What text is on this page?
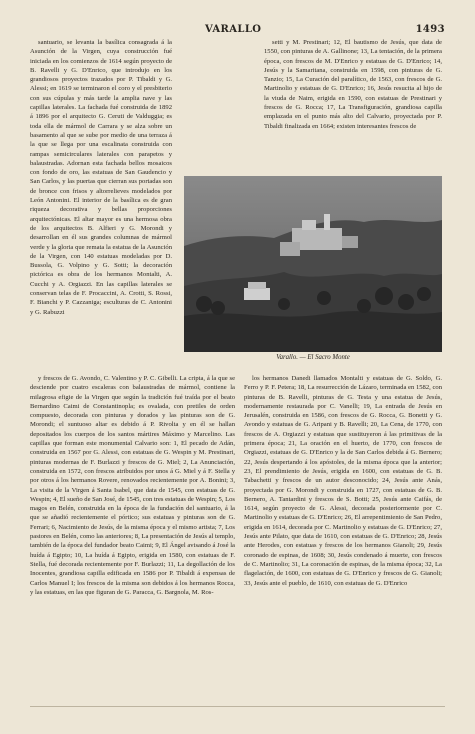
VARALLO	1493

santuario, se levanta la basílica consagrada á la Asunción de la Virgen, cuya construcción fué iniciada en los comienzos de 1614 según proyecto de B. Ravelli y G. D'Enrico, que introdujo en los grandiosos proyectos trazados por P. Tibaldi y G. Alessi; en 1619 se terminaron el coro y el presbiterio con sus cúpulas y más tarde la amplia nave y las capillas laterales. La fachada fué construida de 1892 á 1896 por el arquitecto G. Ceruti de Valduggia; es toda ella de mármol de Carrara y se alza sobre un basamento al que se sube por medio de una terraza á la que se llega por una escalinata construida con rampas semicirculares laterales con parapetos y balaustradas. Adornan esta fachada bellos mosaicos con fondo de oro, las estatuas de San Gaudencio y San Carlos, y las puertas que cierran sus portadas son de bronce con frisos y altorrelieves modelados por León Antonini. El interior de la basílica es de gran riqueza decorativa y bellas proporciones arquitectónicas. El altar mayor es una hermosa obra de los arquitectos B. Alfieri y G. Morondi y desarrollan en él sus grandes columnas de mármol verde y la gloria que remata la estatua de la Asunción de la Virgen, con 140 estatuas modeladas por D. Bussola, G. Volpino y G. Sotti; la decoración pictórica es obra de los hermanos Montalti, A. Cucchi y A. Orgiazzi. En las capillas laterales se conservan telas de F. Procaccini, A. Crotti, S. Rossi, F. Bianchi y P. Cazzaniga; esculturas de C. Antonini y G. Rabuzzi

setti y M. Prestinari; 12, El bautismo de Jesús, que data de 1550, con pinturas de A. Gallinone; 13, La tentación, de la primera época, con frescos de M. D'Enrico y estatuas de G. D'Enrico; 14, Jesús y la Samaritana, construida en 1598, con pinturas de G. Tanzio; 15, La Curación del paralítico, de 1563, con frescos de G. Martinolio y estatuas de G. D'Enrico; 16, Jesús resucita al hijo de la viuda de Naim, erigida en 1590, con estatuas de Prestinari y frescos de G. Rocca; 17, La Transfiguración, grandiosa capilla emplazada en el punto más alto del Calvario, proyectada por P. Tibaldi finalizada en 1664; existen interesantes frescos de

Varallo. — El Sacro Monte

y frescos de G. Avondo, C. Valentino y P. C. Gibelli. La cripta, á la que se desciende por cuatro escaleras con balaustradas de mármol, contiene la milagrosa efigie de la Virgen que según la tradición fué traída por el beato Bernardino Caimi de Constantinopla; es ovalada, con pretiles de orden compuesto, decorada con pinturas y dorados y las pinturas son de G. Morondi; el suntuoso altar es debido á P. Rivolta y en él se hallan depositados los cuerpos de los santos mártires Máximo y Marcelino. Las capillas que forman este monumental Calvario son: 1, El pecado de Adán, construida en 1567 por G. Alessi, con estatuas de G. Wespin y M. Prestinari, pinturas modernas de F. Burlazzi y frescos de G. Miel; 2, La Anunciación, construida en 1572, con frescos atribuidos por unos á G. Miel y á F. Stella y por otros á los hermanos Rovere, renovados recientemente por A. Bonini; 3, La visita de la Virgen á Santa Isabel, que data de 1545, con estatuas de G. Wespin; 4, El sueño de San José, de 1545, con tres estatuas de Wespin; 5, Los magos en Belén, construida en la época de la fundación del santuario, á la que se añadió recientemente el pórtico; sus estatuas y pinturas son de G. Ferrari; 6, Nacimiento de Jesús, de la misma época y el mismo artista; 7, Los pastores en Belén, como las anteriores; 8, La presentación de Jesús al templo, también de la época del fundador beato Caimi; 9, El Ángel avisando á José la huída á Egipto; 10, La huída á Egipto, erigida en 1580, con estatuas de F. Stella, fué decorada recientemente por F. Burlazzi; 11, La degollación de los Inocentes, grandiosa capilla edificada en 1586 por P. Tibaldi á expensas de Carlos Manuel I; los frescos de la misma son debidos á los hermanos Rocca, y las estatuas, en las que figuran de G. Paracca, G. Bargnola, M. Ros-

los hermanos Danedi llamados Montalti y estatuas de G. Soldo, G. Ferro y P. F. Petera; 18, La resurrección de Lázaro, terminada en 1582, con pinturas de B. Ravelli, pinturas de G. Testa y una estatua de Jesús, modernamente restaurada por C. Vanelli; 19, La entrada de Jesús en Jerusalén, construida en 1586, con frescos de G. Rocca, G. Bonetti y G. Avondo y estatuas de G. Aripani y B. Ravelli; 20, La Cena, de 1770, con frescos de A. Orgiazzi y estatuas que sustituyeron á las primitivas de la primera época; 21, La oración en el huerto, de 1770, con frescos de Orgiazzi, estatuas de G. D'Enrico y la de San Carlos debida á G. Bernero; 22, Jesús despertando á los apóstoles, de la misma época que la anterior; 23, El prendimiento de Jesús, erigida en 1600, con estatuas de G. B. Tabachetti y frescos de un autor desconocido; 24, Jesús ante Anás, proyectada por G. Morondi y construida en 1727, con estatuas de G. B. Bernero, A. Tantardini y frescos de S. Botti; 25, Jesús ante Caifás, de 1614, según proyecto de G. Alessi, decorada posteriormente por C. Martinolio y estatuas de G. D'Enrico; 26, El arrepentimiento de San Pedro, erigida en 1614, decorada por C. Martinolio y estatuas de G. D'Enrico; 27, Jesús ante Pilato, que data de 1610, con estatuas de G. D'Enrico; 28, Jesús ante Herodes, con estatuas y frescos de los hermanos Gianoli; 29, Jesús coronado de espinas, de 1608; 30, Jesús condenado á muerte, con frescos de C. Martinolio; 31, La coronación de espinas, de la misma época; 32, La flagelación, de 1600, con estatuas de G. D'Enrico y frescos de G. Gianoli; 33, Jesús ante el pueblo, de 1610, con estatuas de G. D'Enrico
